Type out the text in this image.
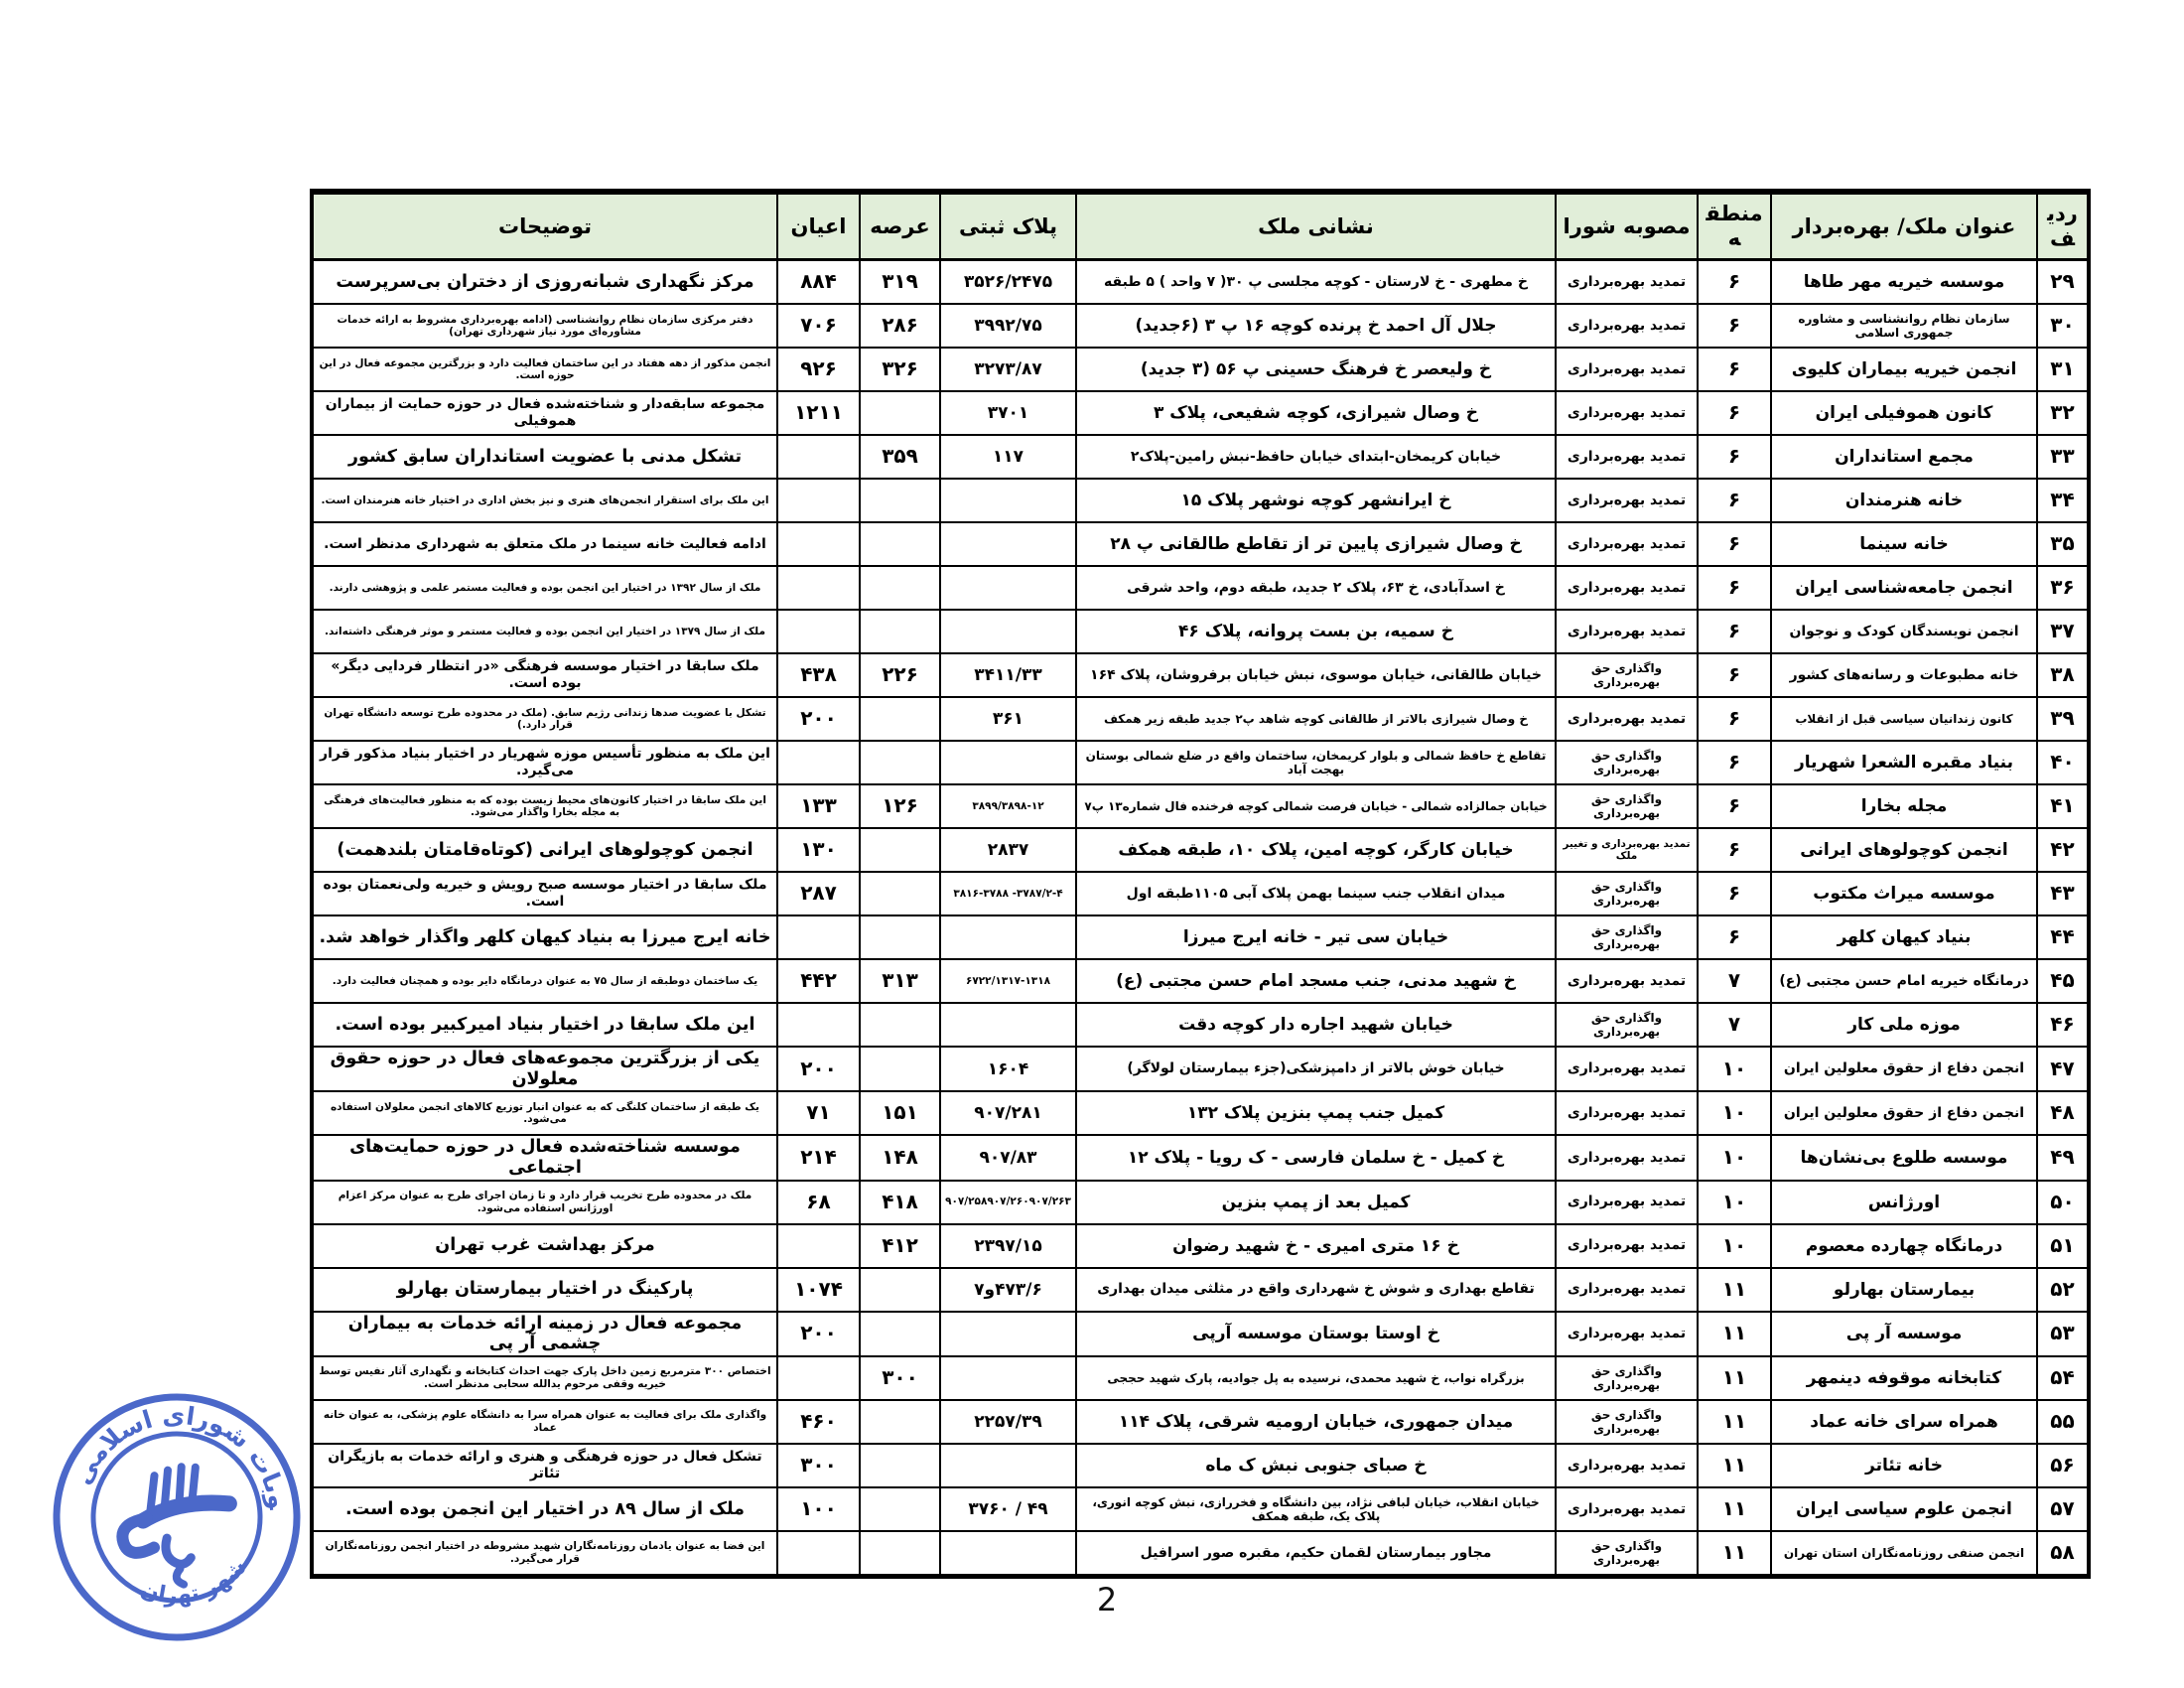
ردیف	عنوان ملک/ بهره‌بردار	منطقه	مصوبه شورا	نشانی ملک	پلاک ثبتی	عرصه	اعیان	توضیحات
۲۹	موسسه خیریه مهر طاها	۶	تمدید بهره‌برداری	خ مطهری - خ لارستان - کوچه مجلسی پ ۳۰( ۷ واحد ) ۵ طبقه	۳۵۲۶/۲۴۷۵	۳۱۹	۸۸۴	مرکز نگهداری شبانه‌روزی از دختران بی‌سرپرست
۳۰	سازمان نظام روانشناسی و مشاوره جمهوری اسلامی	۶	تمدید بهره‌برداری	جلال آل احمد خ پرنده کوچه ۱۶ پ ۳ (۶جدید)	۳۹۹۲/۷۵	۲۸۶	۷۰۶	دفتر مرکزی سازمان نظام روانشناسی (ادامه بهره‌برداری مشروط به ارائه خدمات مشاوره‌ای مورد نیاز شهرداری تهران)
۳۱	انجمن خیریه بیماران کلیوی	۶	تمدید بهره‌برداری	خ ولیعصر خ فرهنگ حسینی پ ۵۶ (۳ جدید)	۳۲۷۳/۸۷	۳۲۶	۹۲۶	انجمن مذکور از دهه هفتاد در این ساختمان فعالیت دارد و بزرگترین مجموعه فعال در این حوزه است.
۳۲	کانون هموفیلی ایران	۶	تمدید بهره‌برداری	خ وصال شیرازی، کوچه شفیعی، پلاک ۳	۳۷۰۱		۱۲۱۱	مجموعه سابقه‌دار و شناخته‌شده فعال در حوزه حمایت از بیماران هموفیلی
۳۳	مجمع استانداران	۶	تمدید بهره‌برداری	خیابان کریمخان-ابتدای خیابان حافظ-نبش رامین-پلاک۲	۱۱۷	۳۵۹		تشکل مدنی با عضویت استانداران سابق کشور
۳۴	خانه هنرمندان	۶	تمدید بهره‌برداری	خ ایرانشهر کوچه نوشهر پلاک ۱۵				این ملک برای استقرار انجمن‌های هنری و نیز بخش اداری در اختیار خانه هنرمندان است.
۳۵	خانه سینما	۶	تمدید بهره‌برداری	خ وصال شیرازی پایین تر از تقاطع طالقانی پ ۲۸				ادامه فعالیت خانه سینما در ملک متعلق به شهرداری مدنظر است.
۳۶	انجمن جامعه‌شناسی ایران	۶	تمدید بهره‌برداری	خ اسدآبادی، خ ۶۳، پلاک ۲ جدید، طبقه دوم، واحد شرقی				ملک از سال ۱۳۹۲ در اختیار این انجمن بوده و فعالیت مستمر علمی و پژوهشی دارند.
۳۷	انجمن نویسندگان کودک و نوجوان	۶	تمدید بهره‌برداری	خ سمیه، بن بست پروانه، پلاک ۴۶				ملک از سال ۱۳۷۹ در اختیار این انجمن بوده و فعالیت مستمر و موثر فرهنگی داشته‌اند.
۳۸	خانه مطبوعات و رسانه‌های کشور	۶	واگذاری حق بهره‌برداری	خیابان طالقانی، خیابان موسوی، نبش خیابان برفروشان، پلاک ۱۶۴	۳۴۱۱/۳۳	۲۲۶	۴۳۸	ملک سابقا در اختیار موسسه فرهنگی «در انتظار فردایی دیگر» بوده است.
۳۹	کانون زندانیان سیاسی قبل از انقلاب	۶	تمدید بهره‌برداری	خ وصال شیرازی بالاتر از طالقانی کوچه شاهد پ۲ جدید طبقه زیر همکف	۳۶۱		۲۰۰	تشکل با عضویت صدها زندانی رژیم سابق. (ملک در محدوده طرح توسعه دانشگاه تهران قرار دارد.)
۴۰	بنیاد مقبره الشعرا شهریار	۶	واگذاری حق بهره‌برداری	تقاطع خ حافظ شمالی و بلوار کریمخان، ساختمان واقع در ضلع شمالی بوستان بهجت آباد				این ملک به منظور تأسیس موزه شهریار در اختیار بنیاد مذکور قرار می‌گیرد.
۴۱	مجله بخارا	۶	واگذاری حق بهره‌برداری	خیابان جمالزاده شمالی - خیابان فرصت شمالی کوچه فرخنده فال شماره۱۳ پ۷	۳۸۹۹/۳۸۹۸-۱۲	۱۲۶	۱۳۳	این ملک سابقا در اختیار کانون‌های محیط زیست بوده که به منظور فعالیت‌های فرهنگی به مجله بخارا واگذار می‌شود.
۴۲	انجمن کوچولوهای ایرانی	۶	تمدید بهره‌برداری و تغییر ملک	خیابان کارگر، کوچه امین، پلاک ۱۰، طبقه همکف	۲۸۳۷		۱۳۰	انجمن کوچولوهای ایرانی (کوتاه‌قامتان بلندهمت)
۴۳	موسسه میراث مکتوب	۶	واگذاری حق بهره‌برداری	میدان انقلاب جنب سینما بهمن پلاک آبی ۱۱۰۵طبقه اول	۳۸۱۶-۳۷۸۸ -۳۷۸۷/۲-۴		۲۸۷	ملک سابقا در اختیار موسسه صبح رویش و خیریه ولی‌نعمتان بوده است.
۴۴	بنیاد کیهان کلهر	۶	واگذاری حق بهره‌برداری	خیابان سی تیر - خانه ایرج میرزا				خانه ایرج میرزا به بنیاد کیهان کلهر واگذار خواهد شد.
۴۵	درمانگاه خیریه امام حسن مجتبی (ع)	۷	تمدید بهره‌برداری	خ شهید مدنی، جنب مسجد امام حسن مجتبی (ع)	۶۷۲۲/۱۳۱۷-۱۳۱۸	۳۱۳	۴۴۲	یک ساختمان دوطبقه از سال ۷۵ به عنوان درمانگاه دایر بوده و همچنان فعالیت دارد.
۴۶	موزه ملی کار	۷	واگذاری حق بهره‌برداری	خیابان شهید اجاره دار کوچه دقت				این ملک سابقا در اختیار بنیاد امیرکبیر بوده است.
۴۷	انجمن دفاع از حقوق معلولین ایران	۱۰	تمدید بهره‌برداری	خیابان خوش بالاتر از دامپزشکی(جزء بیمارستان لولاگر)	۱۶۰۴		۲۰۰	یکی از بزرگترین مجموعه‌های فعال در حوزه حقوق معلولان
۴۸	انجمن دفاع از حقوق معلولین ایران	۱۰	تمدید بهره‌برداری	کمیل جنب پمپ بنزین پلاک ۱۳۲	۹۰۷/۲۸۱	۱۵۱	۷۱	یک طبقه از ساختمان کلنگی که به عنوان انبار توزیع کالاهای انجمن معلولان استفاده می‌شود.
۴۹	موسسه طلوع بی‌نشان‌ها	۱۰	تمدید بهره‌برداری	خ کمیل - خ سلمان فارسی - ک رویا - پلاک ۱۲	۹۰۷/۸۳	۱۴۸	۲۱۴	موسسه شناخته‌شده فعال در حوزه حمایت‌های اجتماعی
۵۰	اورژانس	۱۰	تمدید بهره‌برداری	کمیل بعد از پمپ بنزین	۹۰۷/۲۵۸۹۰۷/۲۶۰۹۰۷/۲۶۳	۴۱۸	۶۸	ملک در محدوده طرح تخریب قرار دارد و تا زمان اجرای طرح به عنوان مرکز اعزام اورژانس استفاده می‌شود.
۵۱	درمانگاه چهارده معصوم	۱۰	تمدید بهره‌برداری	خ ۱۶ متری امیری - خ شهید رضوان	۲۳۹۷/۱۵	۴۱۲		مرکز بهداشت غرب تهران
۵۲	بیمارستان بهارلو	۱۱	تمدید بهره‌برداری	تقاطع بهداری و شوش خ شهرداری واقع در مثلثی میدان بهداری	۴۷۳/۶و۷		۱۰۷۴	پارکینگ در اختیار بیمارستان بهارلو
۵۳	موسسه آر پی	۱۱	تمدید بهره‌برداری	خ اوستا بوستان موسسه آرپی			۲۰۰	مجموعه فعال در زمینه ارائه خدمات به بیماران چشمی آر پی
۵۴	کتابخانه موقوفه دینمهر	۱۱	واگذاری حق بهره‌برداری	بزرگراه نواب، خ شهید محمدی، نرسیده به پل جوادیه، پارک شهید حججی		۳۰۰		اختصاص ۳۰۰ مترمربع زمین داخل پارک جهت احداث کتابخانه و نگهداری آثار نفیس توسط خیریه وقفی مرحوم یدالله سحابی مدنظر است.
۵۵	همراه سرای خانه عماد	۱۱	واگذاری حق بهره‌برداری	میدان جمهوری، خیابان ارومیه شرقی، پلاک ۱۱۴	۲۲۵۷/۳۹		۴۶۰	واگذاری ملک برای فعالیت به عنوان همراه سرا به دانشگاه علوم پزشکی، به عنوان خانه عماد
۵۶	خانه تئاتر	۱۱	تمدید بهره‌برداری	خ صبای جنوبی نبش ک ماه			۳۰۰	تشکل فعال در حوزه فرهنگی و هنری و ارائه خدمات به بازیگران تئاتر
۵۷	انجمن علوم سیاسی ایران	۱۱	تمدید بهره‌برداری	خیابان انقلاب، خیابان لبافی نژاد، بین دانشگاه و فخررازی، نبش کوچه انوری، پلاک یک، طبقه همکف	۳۷۶۰ / ۴۹		۱۰۰	ملک از سال ۸۹ در اختیار این انجمن بوده است.
۵۸	انجمن صنفی روزنامه‌نگاران استان تهران	۱۱	واگذاری حق بهره‌برداری	مجاور بیمارستان لقمان حکیم، مقبره صور اسرافیل				این فضا به عنوان یادمان روزنامه‌نگاران شهید مشروطه در اختیار انجمن روزنامه‌نگاران قرار می‌گیرد.
اداره مصوبات شورای اسلامی
شهر تهران
2
